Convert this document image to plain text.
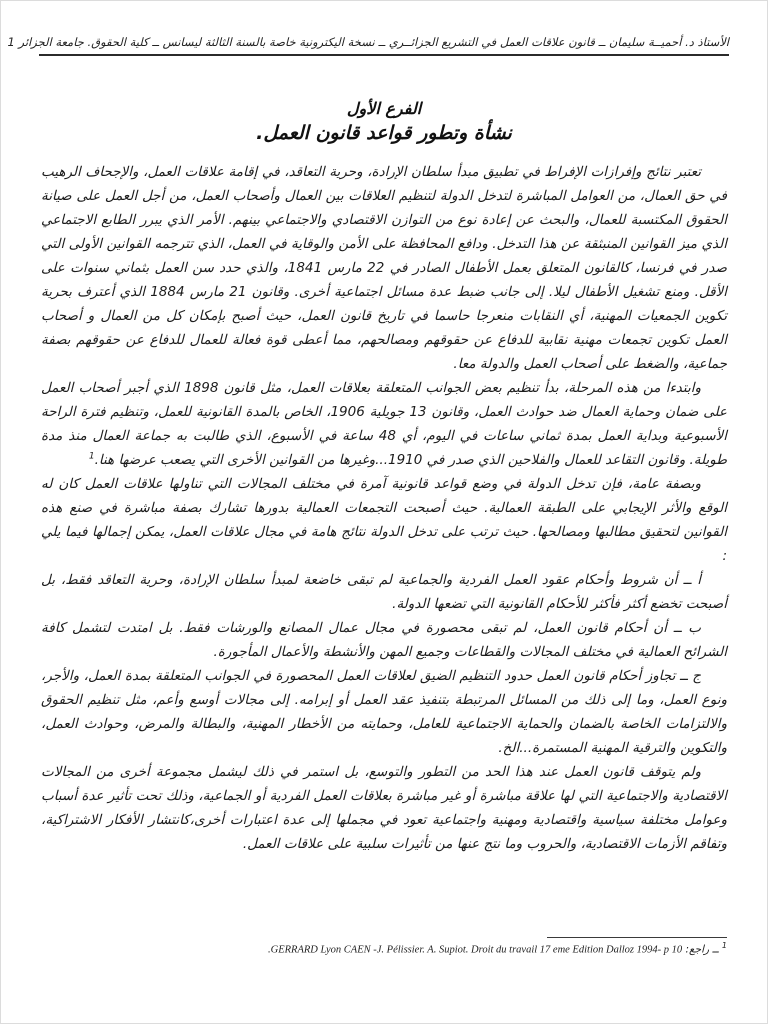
الأستاذ د. أحميــة سليمان ــ قانون علاقات العمل في التشريع الجزائــري ــ نسخة اليكترونية خاصة بالسنة الثالثة ليسانس ــ كلية الحقوق. جامعة الجزائر 1
الفرع الأول
نشأة وتطور قواعد قانون العمل.

تعتبر نتائج وإفرازات الإفراط في تطبيق مبدأ سلطان الإرادة، وحرية التعاقد، في إقامة علاقات العمل، والإجحاف الرهيب في حق العمال، من العوامل المباشرة لتدخل الدولة لتنظيم العلاقات بين العمال وأصحاب العمل، من أجل العمل على صيانة الحقوق المكتسبة للعمال، والبحث عن إعادة نوع من التوازن الاقتصادي والاجتماعي بينهم. الأمر الذي يبرر الطابع الاجتماعي الذي ميز القوانين المنبثقة عن هذا التدخل. ودافع المحافظة على الأمن والوقاية في العمل، الذي تترجمه القوانين الأولى التي صدر في فرنسا، كالقانون المتعلق بعمل الأطفال الصادر في 22 مارس 1841، والذي حدد سن العمل بثماني سنوات على الأقل. ومنع تشغيل الأطفال ليلا. إلى جانب ضبط عدة مسائل اجتماعية أخرى. وقانون 21 مارس 1884 الذي أعترف بحرية تكوين الجمعيات المهنية، أي النقابات منعرجا حاسما في تاريخ قانون العمل، حيث أصبح بإمكان كل من العمال و أصحاب العمل تكوين تجمعات مهنية نقابية للدفاع عن حقوقهم ومصالحهم، مما أعطى قوة فعالة للعمال للدفاع عن حقوقهم بصفة جماعية، والضغط على أصحاب العمل والدولة معا.

وابتدءا من هذه المرحلة، بدأ تنظيم بعض الجوانب المتعلقة بعلاقات العمل، مثل قانون 1898 الذي أجبر أصحاب العمل على ضمان وحماية العمال ضد حوادث العمل، وقانون 13 جويلية 1906، الخاص بالمدة القانونية للعمل، وتنظيم فترة الراحة الأسبوعية وبداية العمل بمدة ثماني ساعات في اليوم، أي 48 ساعة في الأسبوع، الذي طالبت به جماعة العمال منذ مدة طويلة. وقانون التقاعد للعمال والفلاحين الذي صدر في 1910...وغيرها من القوانين الأخرى التي يصعب عرضها هنا.$^1$

وبصفة عامة، فإن تدخل الدولة في وضع قواعد قانونية آمرة في مختلف المجالات التي تناولها علاقات العمل كان له الوقع والأثر الإيجابي على الطبقة العمالية. حيث أصبحت التجمعات العمالية بدورها تشارك بصفة مباشرة في صنع هذه القوانين لتحقيق مطالبها ومصالحها. حيث ترتب على تدخل الدولة نتائج هامة في مجال علاقات العمل، يمكن إجمالها فيما يلي :

أ ــ أن شروط وأحكام عقود العمل الفردية والجماعية لم تبقى خاضعة لمبدأ سلطان الإرادة، وحرية التعاقد فقط، بل أصبحت تخضع أكثر فأكثر للأحكام القانونية التي تضعها الدولة.

ب ــ أن أحكام قانون العمل، لم تبقى محصورة في مجال عمال المصانع والورشات فقط. بل امتدت لتشمل كافة الشرائح العمالية في مختلف المجالات والقطاعات وجميع المهن والأنشطة والأعمال المأجورة.

ج ــ تجاوز أحكام قانون العمل حدود التنظيم الضيق لعلاقات العمل المحصورة في الجوانب المتعلقة بمدة العمل، والأجر، ونوع العمل، وما إلى ذلك من المسائل المرتبطة بتنفيذ عقد العمل أو إبرامه. إلى مجالات أوسع وأعم، مثل تنظيم الحقوق والالتزامات الخاصة بالضمان والحماية الاجتماعية للعامل، وحمايته من الأخطار المهنية، والبطالة والمرض، وحوادث العمل، والتكوين والترقية المهنية المستمرة...الخ.

ولم يتوقف قانون العمل عند هذا الحد من التطور والتوسع، بل استمر في ذلك ليشمل مجموعة أخرى من المجالات الاقتصادية والاجتماعية التي لها علاقة مباشرة أو غير مباشرة بعلاقات العمل الفردية أو الجماعية، وذلك تحت تأثير عدة أسباب وعوامل مختلفة سياسية واقتصادية ومهنية واجتماعية تعود في مجملها إلى عدة اعتبارات أخرى،كانتشار الأفكار الاشتراكية، وتفاقم الأزمات الاقتصادية، والحروب وما نتج عنها من تأثيرات سلبية على علاقات العمل.

$^1$ ــ راجع: GERRARD Lyon CAEN -J. Pélissier. A. Supiot. Droit du travail 17 eme Edition Dalloz 1994- p 10.
